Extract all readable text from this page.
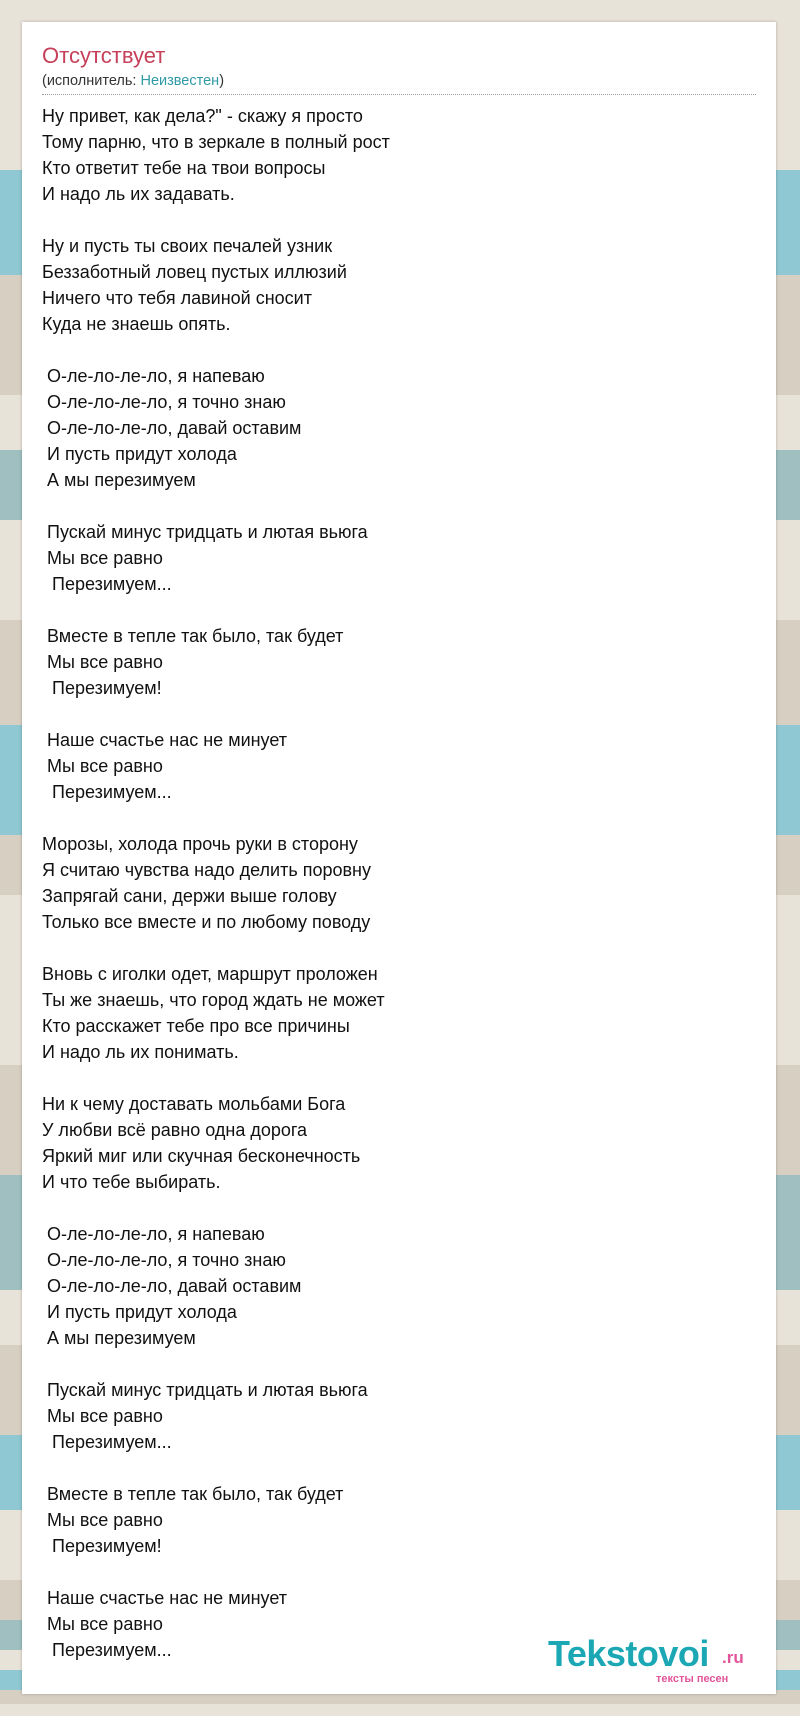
Отсутствует
(исполнитель: Неизвестен)
Ну привет, как дела?" - скажу я просто
Тому парню, что в зеркале в полный рост
Кто ответит тебе на твои вопросы
И надо ль их задавать.
Ну и пусть ты своих печалей узник
Беззаботный ловец пустых иллюзий
Ничего что тебя лавиной сносит
Куда не знаешь опять.
О-ле-ло-ле-ло, я напеваю
О-ле-ло-ле-ло, я точно знаю
О-ле-ло-ле-ло, давай оставим
И пусть придут холода
А мы перезимуем
Пускай минус тридцать и лютая вьюга
Мы все равно
Перезимуем...
Вместе в тепле так было, так будет
Мы все равно
Перезимуем!
Наше счастье нас не минует
Мы все равно
Перезимуем...
Морозы, холода прочь руки в сторону
Я считаю чувства надо делить поровну
Запрягай сани, держи выше голову
Только все вместе и по любому поводу
Вновь с иголки одет, маршрут проложен
Ты же знаешь, что город ждать не может
Кто расскажет тебе про все причины
И надо ль их понимать.
Ни к чему доставать мольбами Бога
У любви всё равно одна дорога
Яркий миг или скучная бесконечность
И что тебе выбирать.
О-ле-ло-ле-ло, я напеваю
О-ле-ло-ле-ло, я точно знаю
О-ле-ло-ле-ло, давай оставим
И пусть придут холода
А мы перезимуем
Пускай минус тридцать и лютая вьюга
Мы все равно
Перезимуем...
Вместе в тепле так было, так будет
Мы все равно
Перезимуем!
Наше счастье нас не минует
Мы все равно
Перезимуем...	Tekstovoi .ru
тексты песен
